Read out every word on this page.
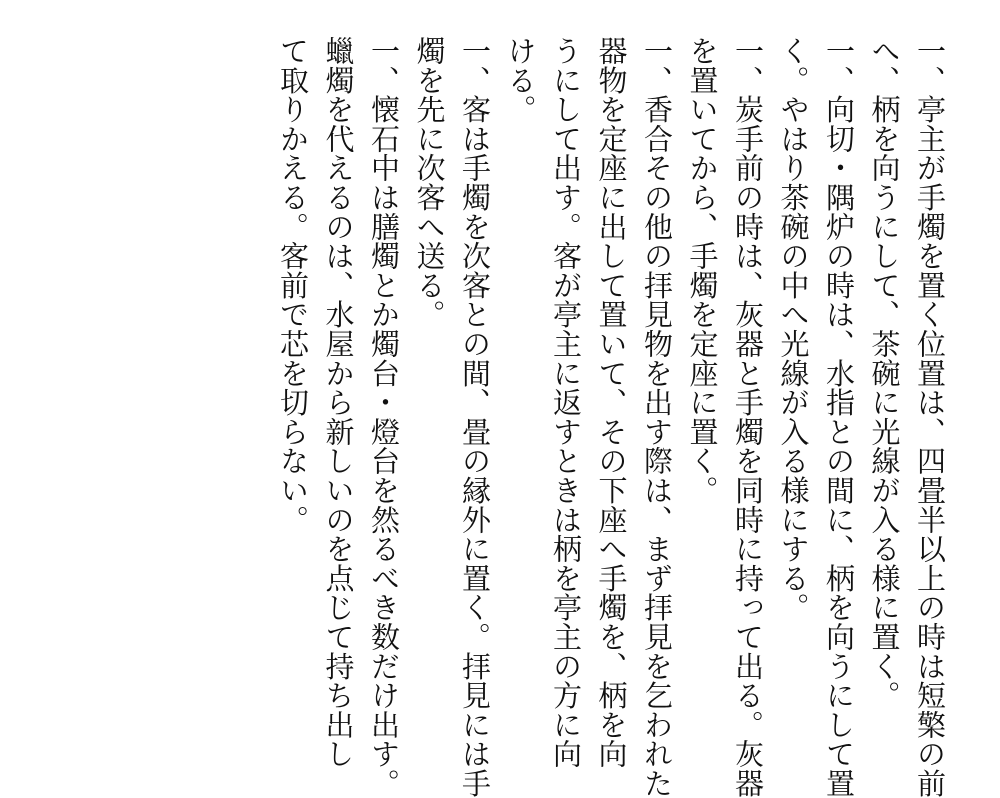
一、亭主が手燭を置く位置は、四畳半以上の時は短檠の前

へ、柄を向うにして、茶碗に光線が入る様に置く。

一、向切・隅炉の時は、水指との間に、柄を向うにして置

く。やはり茶碗の中へ光線が入る様にする。

一、炭手前の時は、灰器と手燭を同時に持って出る。灰器

を置いてから、手燭を定座に置く。

一、香合その他の拝見物を出す際は、まず拝見を乞われた

器物を定座に出して置いて、その下座へ手燭を、柄を向

うにして出す。客が亭主に返すときは柄を亭主の方に向

ける。

一、客は手燭を次客との間、畳の縁外に置く。拝見には手

燭を先に次客へ送る。

一、懐石中は膳燭とか燭台・燈台を然るべき数だけ出す。

蠟燭を代えるのは、水屋から新しいのを点じて持ち出し

て取りかえる。客前で芯を切らない。
